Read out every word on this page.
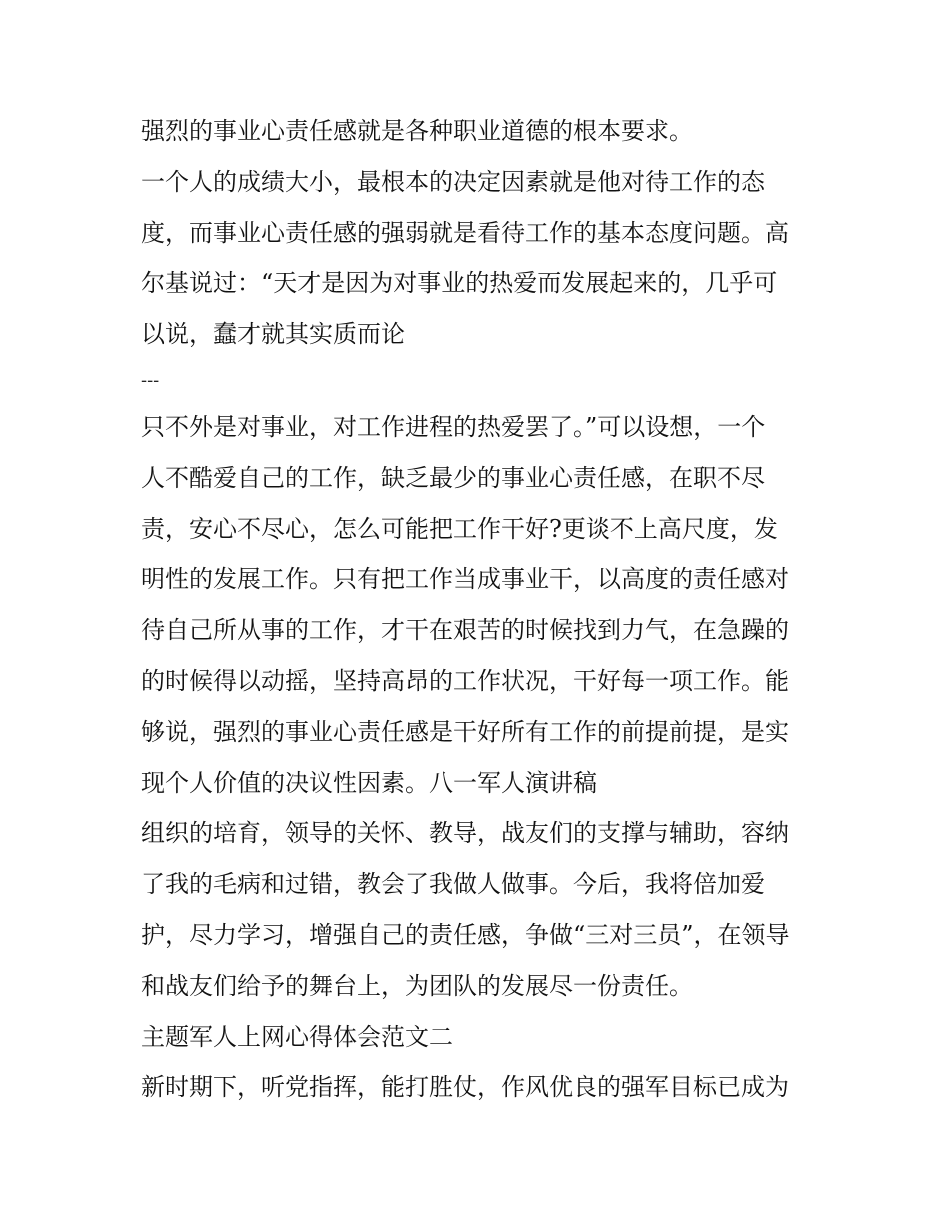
强烈的事业心责任感就是各种职业道德的根本要求。
一个人的成绩大小，最根本的决定因素就是他对待工作的态
度，而事业心责任感的强弱就是看待工作的基本态度问题。高
尔基说过：“天才是因为对事业的热爱而发展起来的，几乎可
以说，蠢才就其实质而论
---
只不外是对事业，对工作进程的热爱罢了。”可以设想，一个
人不酷爱自己的工作，缺乏最少的事业心责任感，在职不尽
责，安心不尽心，怎么可能把工作干好?更谈不上高尺度，发
明性的发展工作。只有把工作当成事业干，以高度的责任感对
待自己所从事的工作，才干在艰苦的时候找到力气，在急躁的
的时候得以动摇，坚持高昂的工作状况，干好每一项工作。能
够说，强烈的事业心责任感是干好所有工作的前提前提，是实
现个人价值的决议性因素。八一军人演讲稿
组织的培育，领导的关怀、教导，战友们的支撑与辅助，容纳
了我的毛病和过错，教会了我做人做事。今后，我将倍加爱
护，尽力学习，增强自己的责任感，争做“三对三员”，在领导
和战友们给予的舞台上，为团队的发展尽一份责任。
主题军人上网心得体会范文二
新时期下，听党指挥，能打胜仗，作风优良的强军目标已成为
